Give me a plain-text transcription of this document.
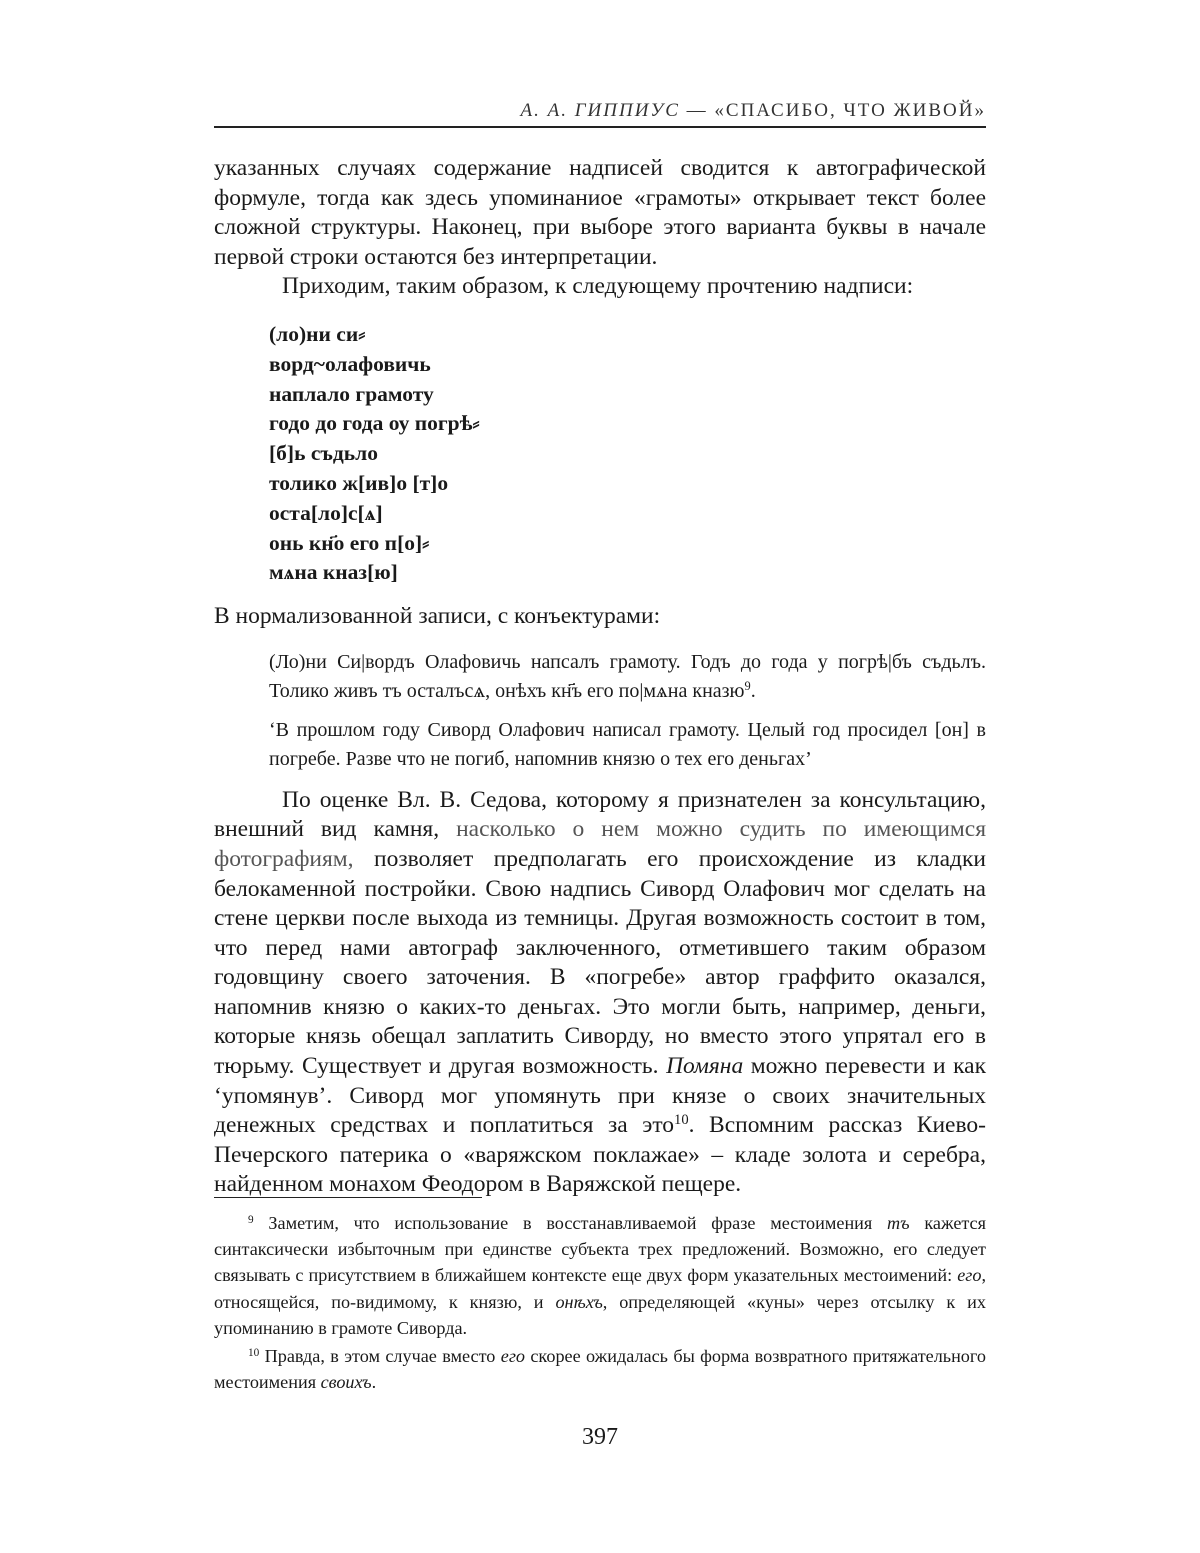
А. А. ГИППИУС — «СПАСИБО, ЧТО ЖИВОЙ»

указанных случаях содержание надписей сводится к автографической формуле, тогда как здесь упоминаниое «грамоты» открывает текст более сложной структуры. Наконец, при выборе этого варианта буквы в начале первой строки остаются без интерпретации.

Приходим, таким образом, к следующему прочтению надписи:

(ло)ни си⸗
ворд~олафовичь
наплало грамоту
годо до года оу погрѣ⸗
[б]ь съдьло
толико ж[ив]о [т]о
оста[ло]с[ѧ]
онь кн҃о его п[о]⸗
мѧна кназ[ю]

В нормализованной записи, с конъектурами:

(Ло)ни Си|вордъ Олафовичь напсалъ грамоту. Годъ до года у погрѣ|бъ съдьлъ. Толико живъ тъ осталъсѧ, онѣхъ кн҃ъ его по|мѧна кназю$^9$.

‘В прошлом году Сиворд Олафович написал грамоту. Целый год просидел [он] в погребе. Разве что не погиб, напомнив князю о тех его деньгах’

По оценке Вл. В. Седова, которому я признателен за консультацию, внешний вид камня, насколько о нем можно судить по имеющимся фотографиям, позволяет предполагать его происхождение из кладки белокаменной постройки. Свою надпись Сиворд Олафович мог сделать на стене церкви после выхода из темницы. Другая возможность состоит в том, что перед нами автограф заключенного, отметившего таким образом годовщину своего заточения. В «погребе» автор граффито оказался, напомнив князю о каких-то деньгах. Это могли быть, например, деньги, которые князь обещал заплатить Сиворду, но вместо этого упрятал его в тюрьму. Существует и другая возможность. Помяна можно перевести и как ‘упомянув’. Сиворд мог упомянуть при князе о своих значительных денежных средствах и поплатиться за это$^{10}$. Вспомним рассказ Киево-Печерского патерика о «варяжском поклажае» – кладе золота и серебра, найденном монахом Феодором в Варяжской пещере.

$^9$ Заметим, что использование в восстанавливаемой фразе местоимения тъ кажется синтаксически избыточным при единстве субъекта трех предложений. Возможно, его следует связывать с присутствием в ближайшем контексте еще двух форм указательных местоимений: его, относящейся, по-видимому, к князю, и онѣхъ, определяющей «куны» через отсылку к их упоминанию в грамоте Сиворда.

$^{10}$ Правда, в этом случае вместо его скорее ожидалась бы форма возвратного притяжательного местоимения своихъ.

397
